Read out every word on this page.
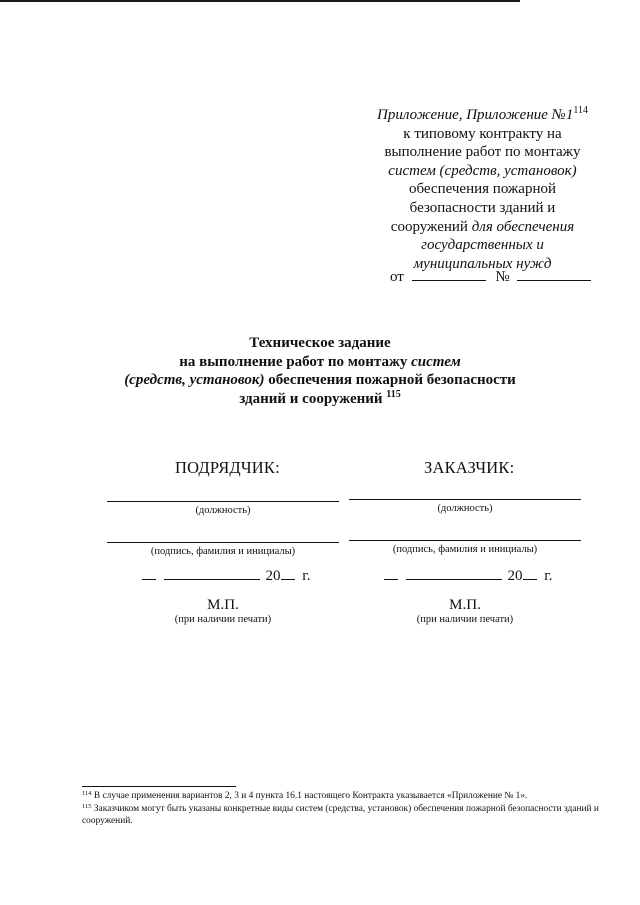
Приложение, Приложение $№1^{114}$
к типовому контракту на
выполнение работ по монтажу
систем (средств, установок)
обеспечения пожарной
безопасности зданий и
сооружений для обеспечения
государственных и
муниципальных нужд
от	№
Техническое задание
на выполнение работ по монтажу систем
(средств, установок) обеспечения пожарной безопасности
зданий и сооружений $^{115}$
ПОДРЯДЧИК:
(должность)
(подпись, фамилия и инициалы)
20 г.
М.П.
(при наличии печати)
ЗАКАЗЧИК:
(должность)
(подпись, фамилия и инициалы)
20 г.
М.П.
(при наличии печати)

$^{114}$ В случае применения вариантов 2, 3 и 4 пункта 16.1 настоящего Контракта указывается «Приложение № 1».

$^{115}$ Заказчиком могут быть указаны конкретные виды систем (средства, установок) обеспечения пожарной безопасности зданий и сооружений.
